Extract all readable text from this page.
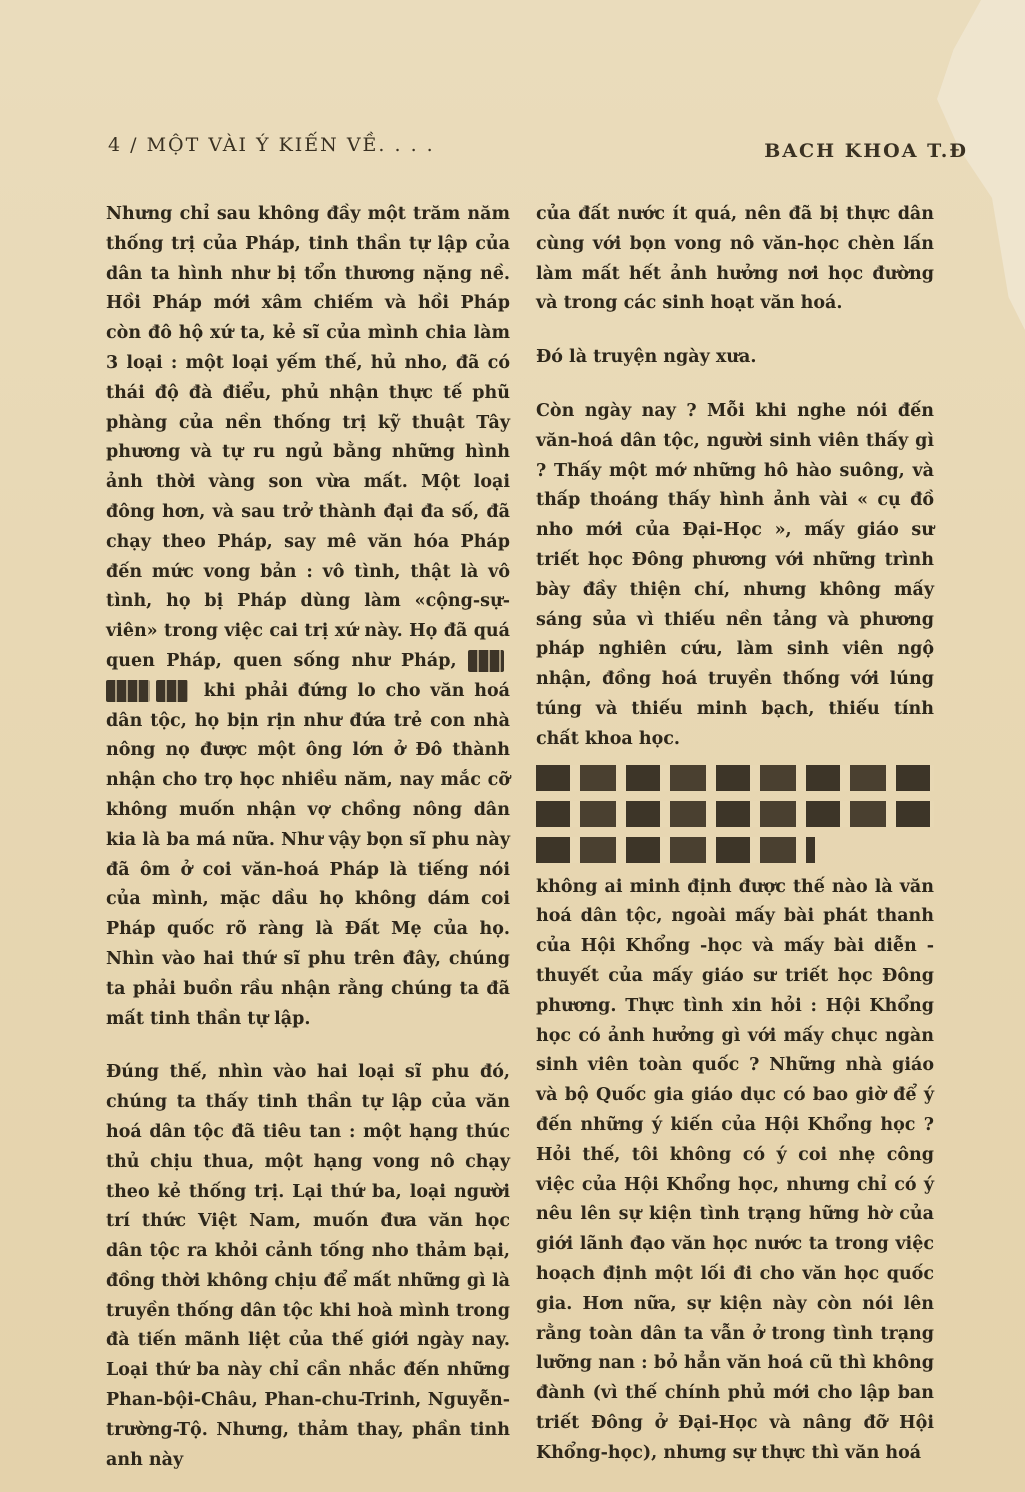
4 / MỘT VÀI Ý KIẾN VỀ. . . .	BACH KHOA T.Đ

Nhưng chỉ sau không đầy một trăm năm thống trị của Pháp, tinh thần tự lập của dân ta hình như bị tổn thương nặng nề. Hồi Pháp mới xâm chiếm và hồi Pháp còn đô hộ xứ ta, kẻ sĩ của mình chia làm 3 loại : một loại yếm thế, hủ nho, đã có thái độ đà điểu, phủ nhận thực tế phũ phàng của nền thống trị kỹ thuật Tây phương và tự ru ngủ bằng những hình ảnh thời vàng son vừa mất. Một loại đông hơn, và sau trở thành đại đa số, đã chạy theo Pháp, say mê văn hóa Pháp đến mức vong bản : vô tình, thật là vô tình, họ bị Pháp dùng làm «cộng-sự-viên» trong việc cai trị xứ này. Họ đã quá quen Pháp, quen sống như Pháp,  khi phải đứng lo cho văn hoá dân tộc, họ bịn rịn như đứa trẻ con nhà nông nọ được một ông lớn ở Đô thành nhận cho trọ học nhiều năm, nay mắc cỡ không muốn nhận vợ chồng nông dân kia là ba má nữa. Như vậy bọn sĩ phu này đã ôm ở coi văn-hoá Pháp là tiếng nói của mình, mặc dầu họ không dám coi Pháp quốc rõ ràng là Đất Mẹ của họ. Nhìn vào hai thứ sĩ phu trên đây, chúng ta phải buồn rầu nhận rằng chúng ta đã mất tinh thần tự lập.

Đúng thế, nhìn vào hai loại sĩ phu đó, chúng ta thấy tinh thần tự lập của văn hoá dân tộc đã tiêu tan : một hạng thúc thủ chịu thua, một hạng vong nô chạy theo kẻ thống trị. Lại thứ ba, loại người trí thức Việt Nam, muốn đưa văn học dân tộc ra khỏi cảnh tống nho thảm bại, đồng thời không chịu để mất những gì là truyền thống dân tộc khi hoà mình trong đà tiến mãnh liệt của thế giới ngày nay. Loại thứ ba này chỉ cần nhắc đến những Phan-bội-Châu, Phan-chu-Trinh, Nguyễn-trường-Tộ. Nhưng, thảm thay, phần tinh anh này

của đất nước ít quá, nên đã bị thực dân cùng với bọn vong nô văn-học chèn lấn làm mất hết ảnh hưởng nơi học đường và trong các sinh hoạt văn hoá.

Đó là truyện ngày xưa.

Còn ngày nay ? Mỗi khi nghe nói đến văn-hoá dân tộc, người sinh viên thấy gì ? Thấy một mớ những hô hào suông, và thấp thoáng thấy hình ảnh vài « cụ đồ nho mới của Đại-Học », mấy giáo sư triết học Đông phương với những trình bày đầy thiện chí, nhưng không mấy sáng sủa vì thiếu nền tảng và phương pháp nghiên cứu, làm sinh viên ngộ nhận, đồng hoá truyền thống với lúng túng và thiếu minh bạch, thiếu tính chất khoa học.

không ai minh định được thế nào là văn hoá dân tộc, ngoài mấy bài phát thanh của Hội Khổng -học và mấy bài diễn - thuyết của mấy giáo sư triết học Đông phương. Thực tình xin hỏi : Hội Khổng học có ảnh hưởng gì với mấy chục ngàn sinh viên toàn quốc ? Những nhà giáo và bộ Quốc gia giáo dục có bao giờ để ý đến những ý kiến của Hội Khổng học ? Hỏi thế, tôi không có ý coi nhẹ công việc của Hội Khổng học, nhưng chỉ có ý nêu lên sự kiện tình trạng hững hờ của giới lãnh đạo văn học nước ta trong việc hoạch định một lối đi cho văn học quốc gia. Hơn nữa, sự kiện này còn nói lên rằng toàn dân ta vẫn ở trong tình trạng lưỡng nan : bỏ hẳn văn hoá cũ thì không đành (vì thế chính phủ mới cho lập ban triết Đông ở Đại-Học và nâng đỡ Hội Khổng-học), nhưng sự thực thì văn hoá
